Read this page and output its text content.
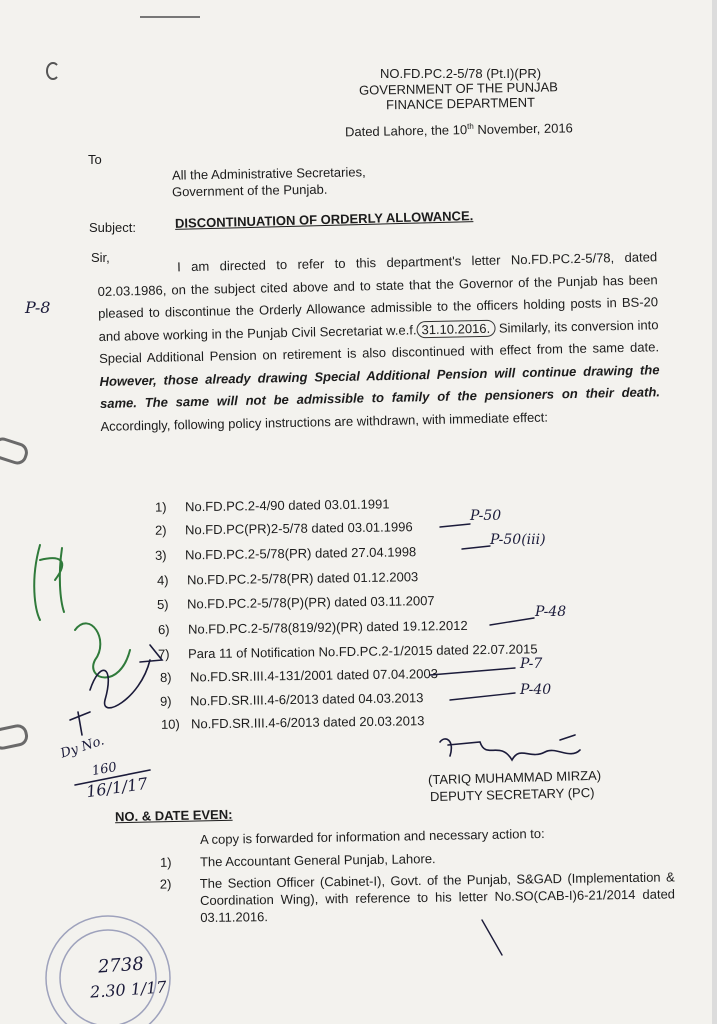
NO.FD.PC.2-5/78 (Pt.I)(PR)
GOVERNMENT OF THE PUNJAB
FINANCE DEPARTMENT
Dated Lahore, the 10th November, 2016
To
All the Administrative Secretaries,
Government of the Punjab.
Subject:	DISCONTINUATION OF ORDERLY ALLOWANCE.
Sir,	I am directed to refer to this department's letter No.FD.PC.2-5/78, dated 02.03.1986, on the subject cited above and to state that the Governor of the Punjab has been pleased to discontinue the Orderly Allowance admissible to the officers holding posts in BS-20 and above working in the Punjab Civil Secretariat w.e.f. 31.10.2016. Similarly, its conversion into Special Additional Pension on retirement is also discontinued with effect from the same date. However, those already drawing Special Additional Pension will continue drawing the same. The same will not be admissible to family of the pensioners on their death. Accordingly, following policy instructions are withdrawn, with immediate effect:
1) No.FD.PC.2-4/90 dated 03.01.1991
2) No.FD.PC(PR)2-5/78 dated 03.01.1996
3) No.FD.PC.2-5/78(PR) dated 27.04.1998
4) No.FD.PC.2-5/78(PR) dated 01.12.2003
5) No.FD.PC.2-5/78(P)(PR) dated 03.11.2007
6) No.FD.PC.2-5/78(819/92)(PR) dated 19.12.2012
7) Para 11 of Notification No.FD.PC.2-1/2015 dated 22.07.2015
8) No.FD.SR.III.4-131/2001 dated 07.04.2003
9) No.FD.SR.III.4-6/2013 dated 04.03.2013
10) No.FD.SR.III.4-6/2013 dated 20.03.2013
P-50
P-50(iii)
P-48
P-7
P-40
P-8
Dy No.
160
16/1/17	(TARIQ MUHAMMAD MIRZA)
DEPUTY SECRETARY (PC)
NO. & DATE EVEN:
A copy is forwarded for information and necessary action to:
1) The Accountant General Punjab, Lahore.
2) The Section Officer (Cabinet-I), Govt. of the Punjab, S&GAD (Implementation & Coordination Wing), with reference to his letter No.SO(CAB-I)6-21/2014 dated 03.11.2016.
2738
2.30 1/17
